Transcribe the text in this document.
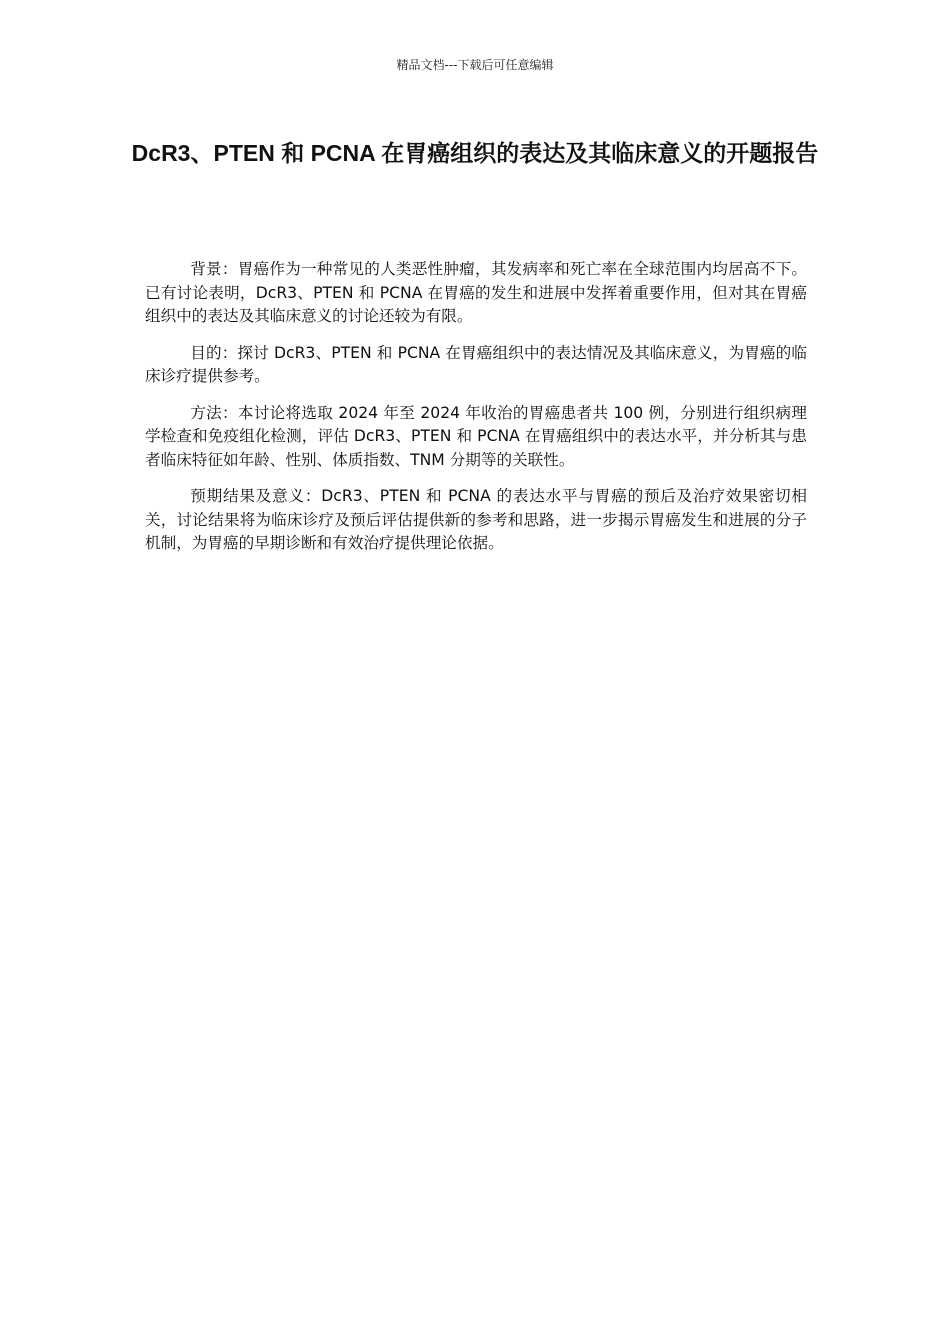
精品文档---下载后可任意编辑
DcR3、PTEN 和 PCNA 在胃癌组织的表达及其临床意义的开题报告

背景：胃癌作为一种常见的人类恶性肿瘤，其发病率和死亡率在全球范围内均居高不下。已有讨论表明，DcR3、PTEN 和 PCNA 在胃癌的发生和进展中发挥着重要作用，但对其在胃癌组织中的表达及其临床意义的讨论还较为有限。

目的：探讨 DcR3、PTEN 和 PCNA 在胃癌组织中的表达情况及其临床意义，为胃癌的临床诊疗提供参考。

方法：本讨论将选取 2024 年至 2024 年收治的胃癌患者共 100 例，分别进行组织病理学检查和免疫组化检测，评估 DcR3、PTEN 和 PCNA 在胃癌组织中的表达水平，并分析其与患者临床特征如年龄、性别、体质指数、TNM 分期等的关联性。

预期结果及意义：DcR3、PTEN 和 PCNA 的表达水平与胃癌的预后及治疗效果密切相关，讨论结果将为临床诊疗及预后评估提供新的参考和思路，进一步揭示胃癌发生和进展的分子机制，为胃癌的早期诊断和有效治疗提供理论依据。
